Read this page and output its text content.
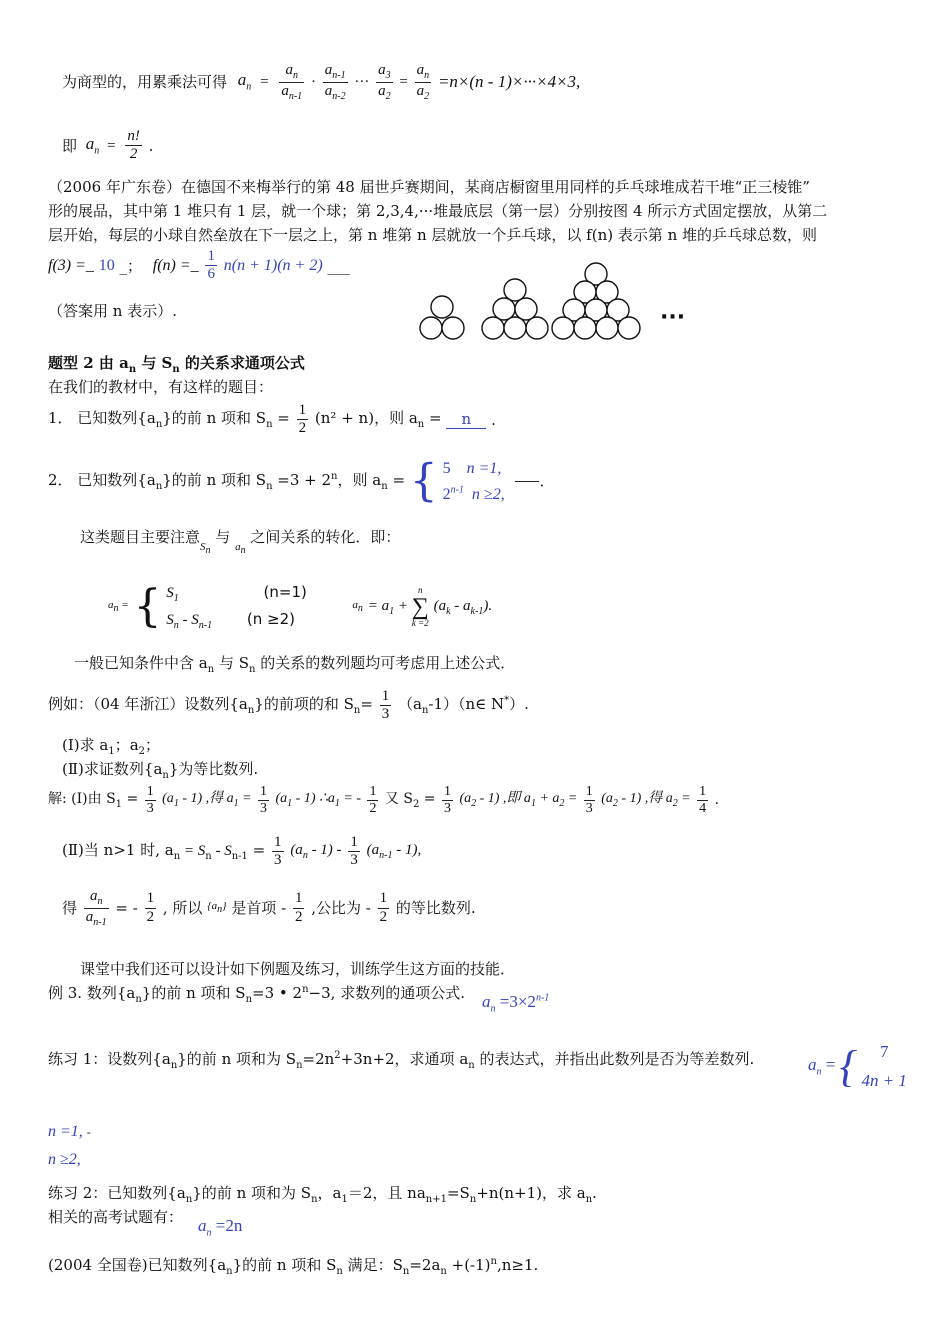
为商型的，用累乘法可得 $a_n = \frac{a_n}{a_{n-1}} \cdot \frac{a_{n-1}}{a_{n-2}}$ ··· $\frac{a_3}{a_2} = \frac{a_n}{a_2} =n\times(n - 1)\times\cdot\cdot\cdot\times 4\times 3$,
即 $a_n = \frac{n!}{2}$ .
（2006 年广东卷）在德国不来梅举行的第 48 届世乒赛期间，某商店橱窗里用同样的乒乓球堆成若干堆“正三棱锥”
形的展品，其中第 1 堆只有 1 层，就一个球；第 2,3,4,···堆最底层（第一层）分别按图 4 所示方式固定摆放，从第二
层开始，每层的小球自然垒放在下一层之上，第 n 堆第 n 层就放一个乒乓球，以 f(n) 表示第 n 堆的乒乓球总数，则
f(3) =_ 10 _； f(n) =_ $\frac{1}{6} n(n + 1)(n + 2)$ ___
（答案用 n 表示）.	···
题型 2 由 $a_n$ 与 $S_n$ 的关系求通项公式
在我们的教材中，有这样的题目：
1． 已知数列$\{a_n\}$的前 n 项和 $S_n = \frac{1}{2} (n^2 + n)$，则 $a_n = n$ .
2． 已知数列$\{a_n\}$的前 n 项和 $S_n =3 + 2^n$，则 $a_n$ = { 5 n =1,
2$^{n-1}$ n ≥2, .
这类题目主要注意$_{S_n}$ 与 $_{a_n}$ 之间关系的转化．即：
$a_n$ = { $S_1$	(n=1)
$S_n - S_{n-1}$ (n ≥2)  $a_n = a_1$ +
n
∑
k =2
$(a_k - a_{k-1})$.
一般已知条件中含 $a_n$ 与 $S_n$ 的关系的数列题均可考虑用上述公式．
例如：（04 年浙江）设数列$\{a_n\}$的前项的和 $S_n= \frac{1}{3}$ $(a_n-1)(n\in$ N*）.
(Ⅰ)求 $a_1$；$a_2$；
(Ⅱ)求证数列$\{a_n\}$为等比数列.
解: (Ⅰ)由 $S_1 = \frac{1}{3} (a_1 - 1)$ ,得 $a_1 = \frac{1}{3} (a_1 - 1)$ $\therefore a_1$ = - $\frac{1}{2}$ 又 $S_2 = \frac{1}{3} (a_2 - 1)$ ,即 $a_1 + a_2 = \frac{1}{3} (a_2 - 1)$ ,得 $a_2 = \frac{1}{4}$ .
(Ⅱ)当 n>1 时, $a_n = S_n - S_{n-1} = \frac{1}{3} (a_n - 1) - \frac{1}{3} (a_{n-1} - 1)$,
得 $\frac{a_n}{a_{n-1}}$ = - $\frac{1}{2}$ , 所以 $\{a_n\}$ 是首项 - $\frac{1}{2}$ ,公比为 - $\frac{1}{2}$ 的等比数列.
课堂中我们还可以设计如下例题及练习，训练学生这方面的技能．
例 3. 数列$\{a_n\}$的前 n 项和 $S_n=3$ • $2^n-3$, 求数列的通项公式. $a_n =3\times 2^{n-1}$
练习 1：设数列$\{a_n\}$的前 n 项和为 $S_n=2n^2+3n+2$，求通项 $a_n$ 的表达式，并指出此数列是否为等差数列.	$a_n$ = { 7
4n + 1
n =1, -
n ≥2,
练习 2：已知数列$\{a_n\}$的前 n 项和为 $S_n$，$a_1=2$，且 $na_{n+1}=S_n+n(n+1)$，求 $a_n$.
相关的高考试题有： $a_n =2n$
(2004 全国卷)已知数列$\{a_n\}$的前 n 项和 $S_n$ 满足：$S_n=2a_n +(-1)^n,n\ge 1$.
